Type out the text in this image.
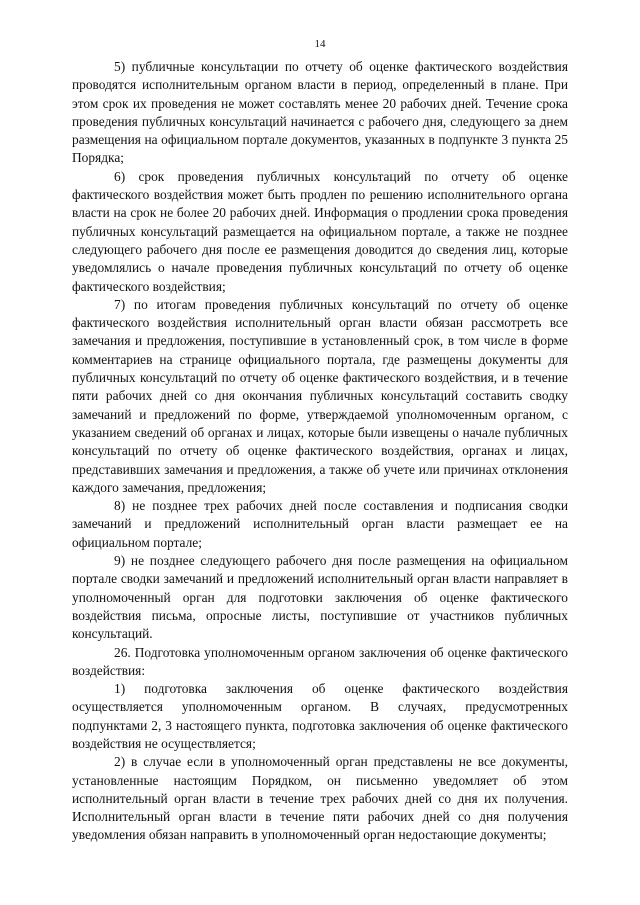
14

5) публичные консультации по отчету об оценке фактического воздействия проводятся исполнительным органом власти в период, определенный в плане. При этом срок их проведения не может составлять менее 20 рабочих дней. Течение срока проведения публичных консультаций начинается с рабочего дня, следующего за днем размещения на официальном портале документов, указанных в подпункте 3 пункта 25 Порядка;

6) срок проведения публичных консультаций по отчету об оценке фактического воздействия может быть продлен по решению исполнительного органа власти на срок не более 20 рабочих дней. Информация о продлении срока проведения публичных консультаций размещается на официальном портале, а также не позднее следующего рабочего дня после ее размещения доводится до сведения лиц, которые уведомлялись о начале проведения публичных консультаций по отчету об оценке фактического воздействия;

7) по итогам проведения публичных консультаций по отчету об оценке фактического воздействия исполнительный орган власти обязан рассмотреть все замечания и предложения, поступившие в установленный срок, в том числе в форме комментариев на странице официального портала, где размещены документы для публичных консультаций по отчету об оценке фактического воздействия, и в течение пяти рабочих дней со дня окончания публичных консультаций составить сводку замечаний и предложений по форме, утверждаемой уполномоченным органом, с указанием сведений об органах и лицах, которые были извещены о начале публичных консультаций по отчету об оценке фактического воздействия, органах и лицах, представивших замечания и предложения, а также об учете или причинах отклонения каждого замечания, предложения;

8) не позднее трех рабочих дней после составления и подписания сводки замечаний и предложений исполнительный орган власти размещает ее на официальном портале;

9) не позднее следующего рабочего дня после размещения на официальном портале сводки замечаний и предложений исполнительный орган власти направляет в уполномоченный орган для подготовки заключения об оценке фактического воздействия письма, опросные листы, поступившие от участников публичных консультаций.

26. Подготовка уполномоченным органом заключения об оценке фактического воздействия:

1) подготовка заключения об оценке фактического воздействия осуществляется уполномоченным органом. В случаях, предусмотренных подпунктами 2, 3 настоящего пункта, подготовка заключения об оценке фактического воздействия не осуществляется;

2) в случае если в уполномоченный орган представлены не все документы, установленные настоящим Порядком, он письменно уведомляет об этом исполнительный орган власти в течение трех рабочих дней со дня их получения. Исполнительный орган власти в течение пяти рабочих дней со дня получения уведомления обязан направить в уполномоченный орган недостающие документы;
